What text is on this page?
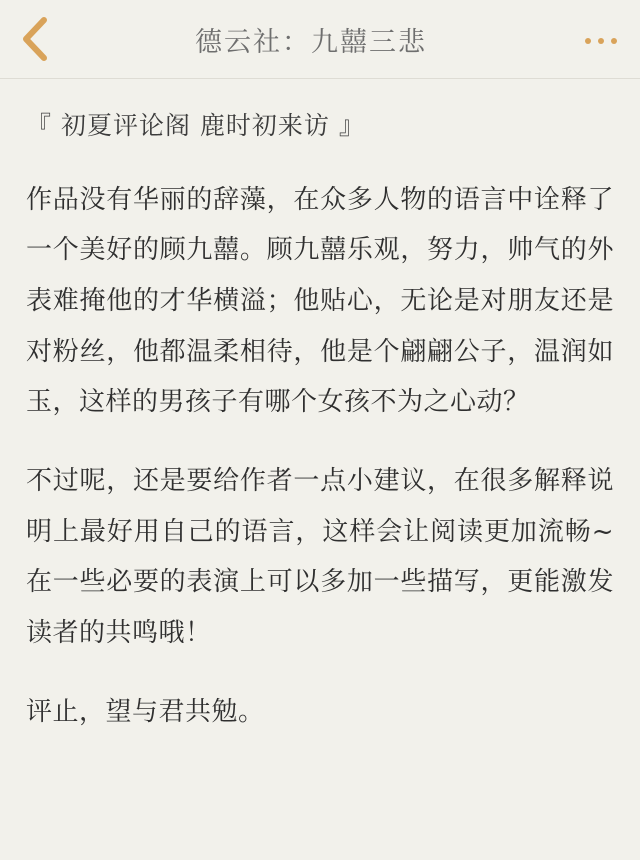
德云社：九囍三悲
『 初夏评论阁 鹿时初来访 』

作品没有华丽的辞藻，在众多人物的语言中诠释了一个美好的顾九囍。顾九囍乐观，努力，帅气的外表难掩他的才华横溢；他贴心，无论是对朋友还是对粉丝，他都温柔相待，他是个翩翩公子，温润如玉，这样的男孩子有哪个女孩不为之心动？

不过呢，还是要给作者一点小建议，在很多解释说明上最好用自己的语言，这样会让阅读更加流畅~在一些必要的表演上可以多加一些描写，更能激发读者的共鸣哦！

评止，望与君共勉。
